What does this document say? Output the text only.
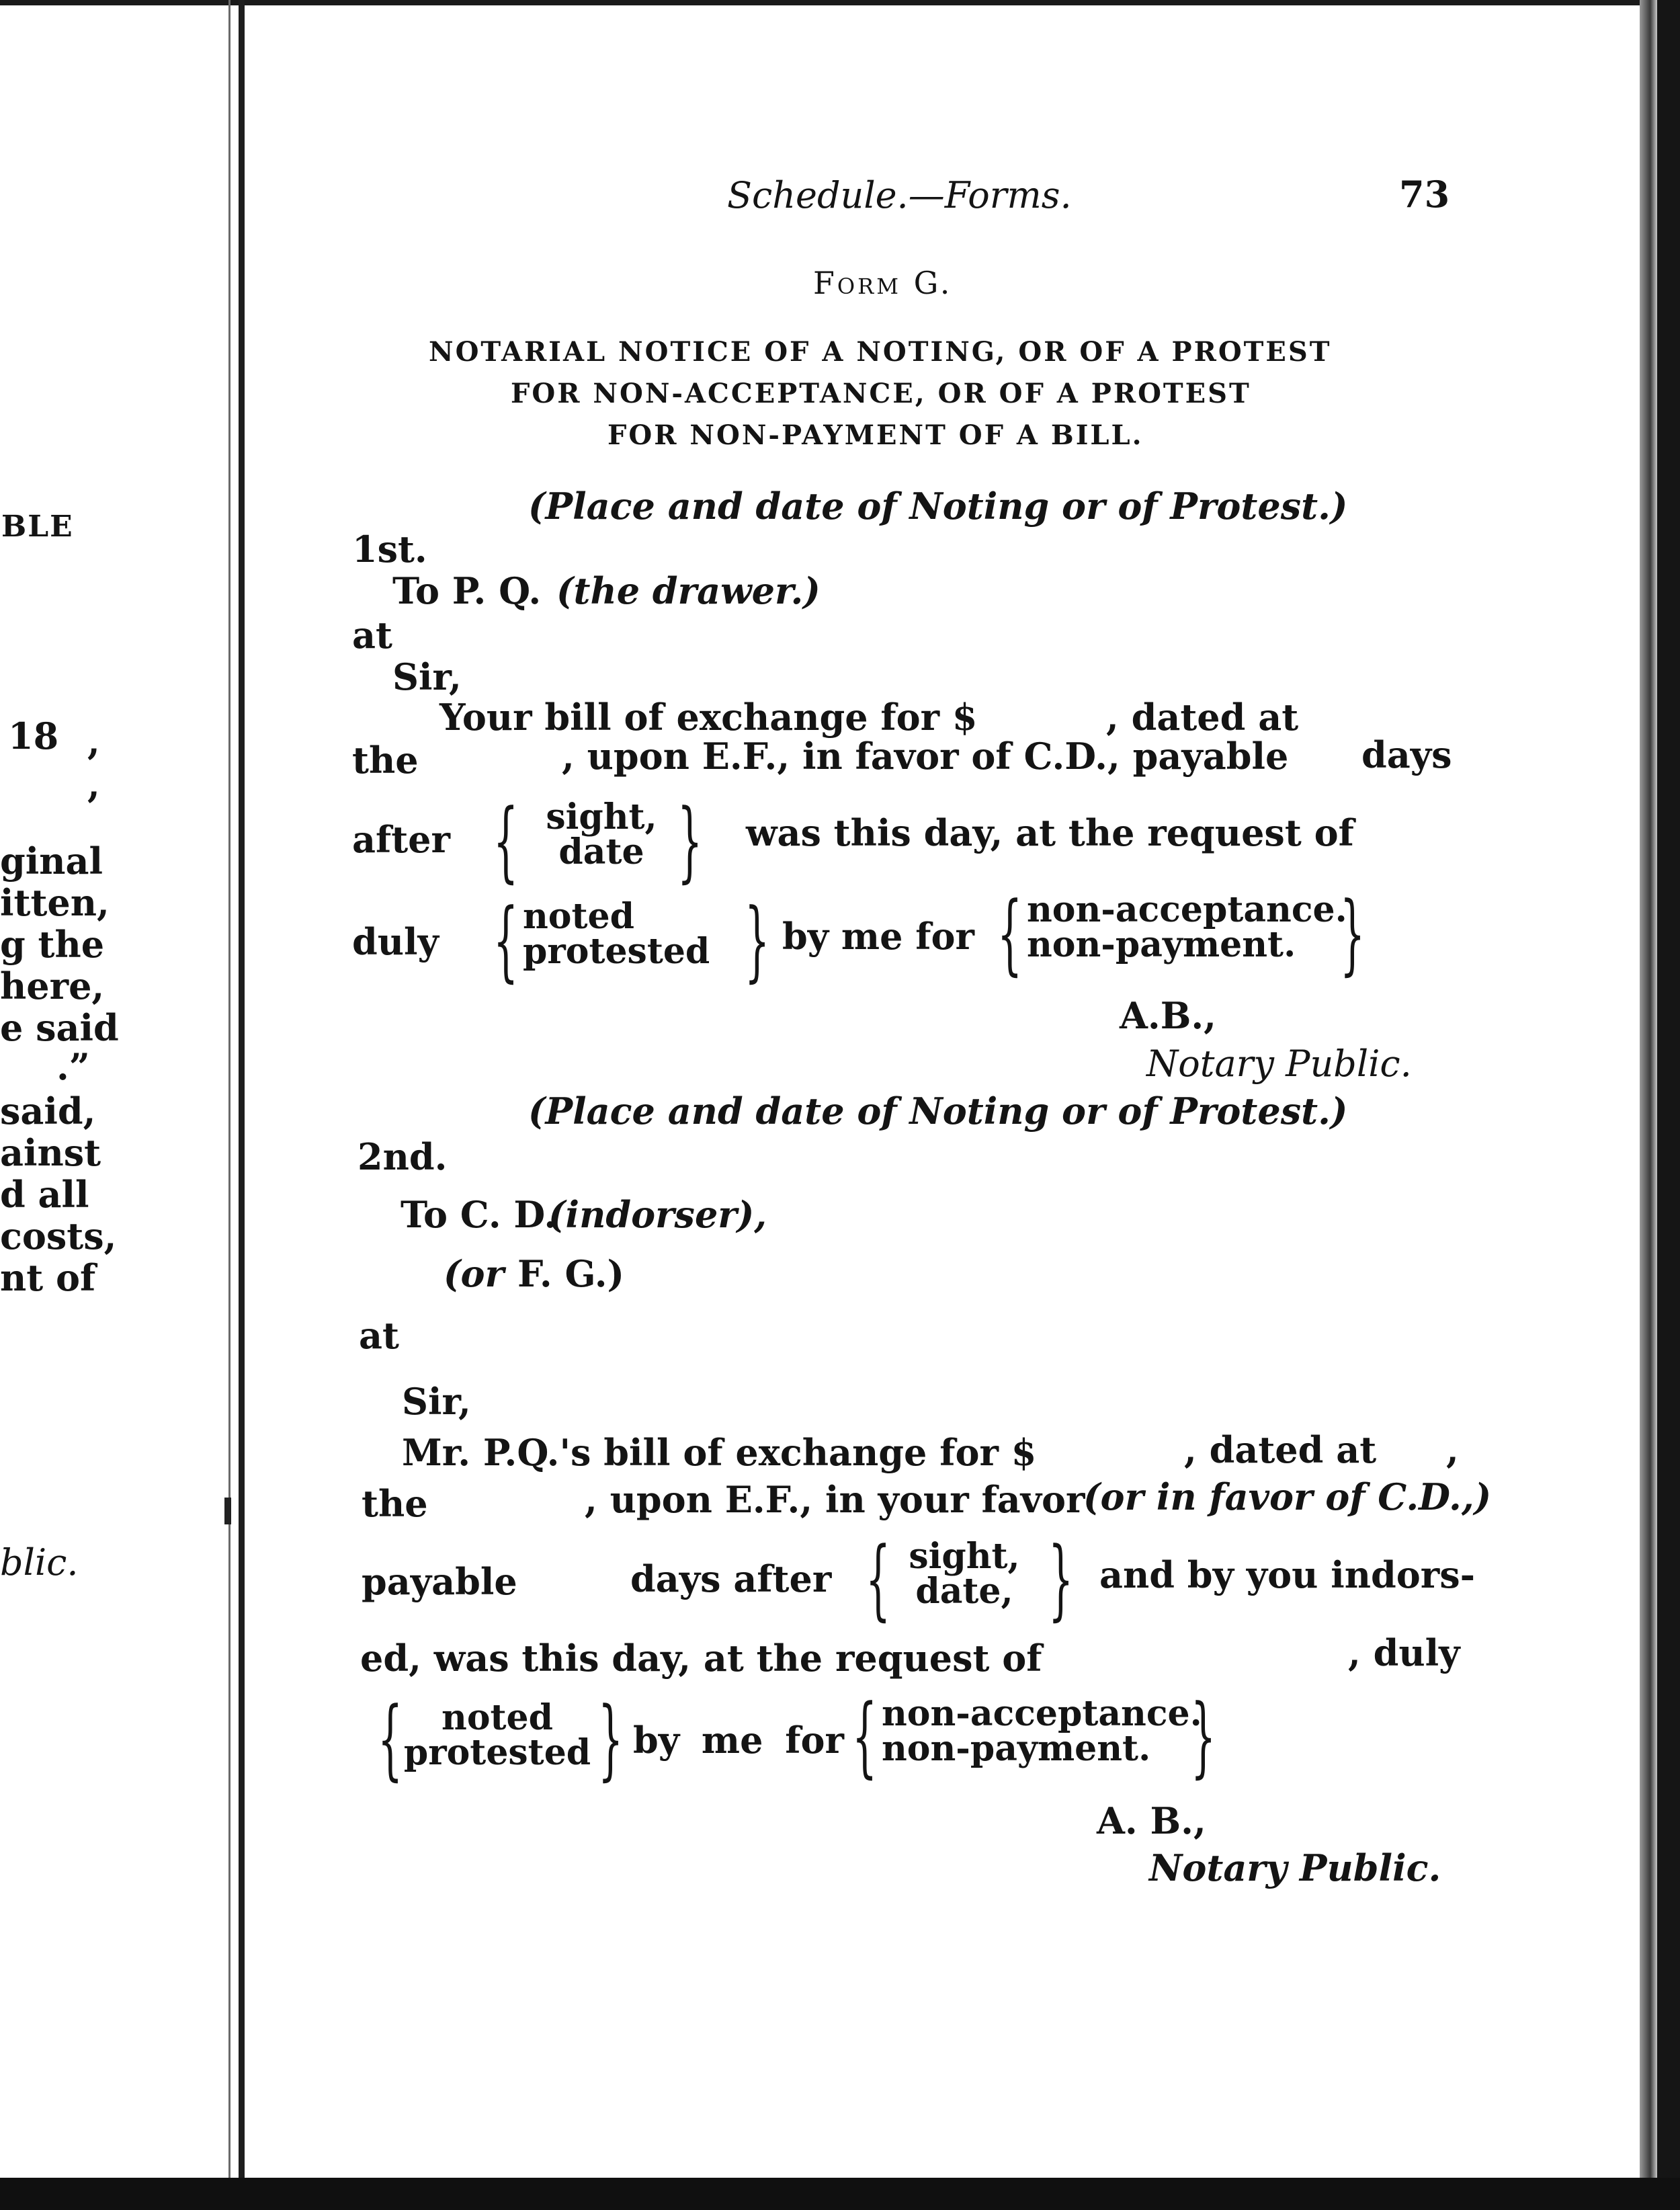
BLE
18 ,
,
ginal
itten,
g the
here,
e said
.”
said,
ainst
d all
costs,
nt of
blic.
Schedule.—Forms.	73
Form G.
NOTARIAL NOTICE OF A NOTING, OR OF A PROTEST
FOR NON-ACCEPTANCE, OR OF A PROTEST
FOR NON-PAYMENT OF A BILL.
(Place and date of Noting or of Protest.)
1st.
To P. Q. (the drawer.)
at
Sir,
Your bill of exchange for $	, dated at
the	, upon E.F., in favor of C.D., payable days
after { sight,
date } was this day, at the request of
duly { noted
protested } by me for { non-acceptance.
non-payment. }
A.B.,
Notary Public.
(Place and date of Noting or of Protest.)
2nd.
To C. D.
(indorser),
(or F. G.)
at
Sir,
Mr. P.Q.'s bill of exchange for $	, dated at ,
the	, upon E.F., in your favor
(or in favor of C.D.,)
payable	days after { sight,
date, } and by you indors-
ed, was this day, at the request of	, duly
{	noted
protested } by me for { non-acceptance.
non-payment. }
A. B.,
Notary Public.
